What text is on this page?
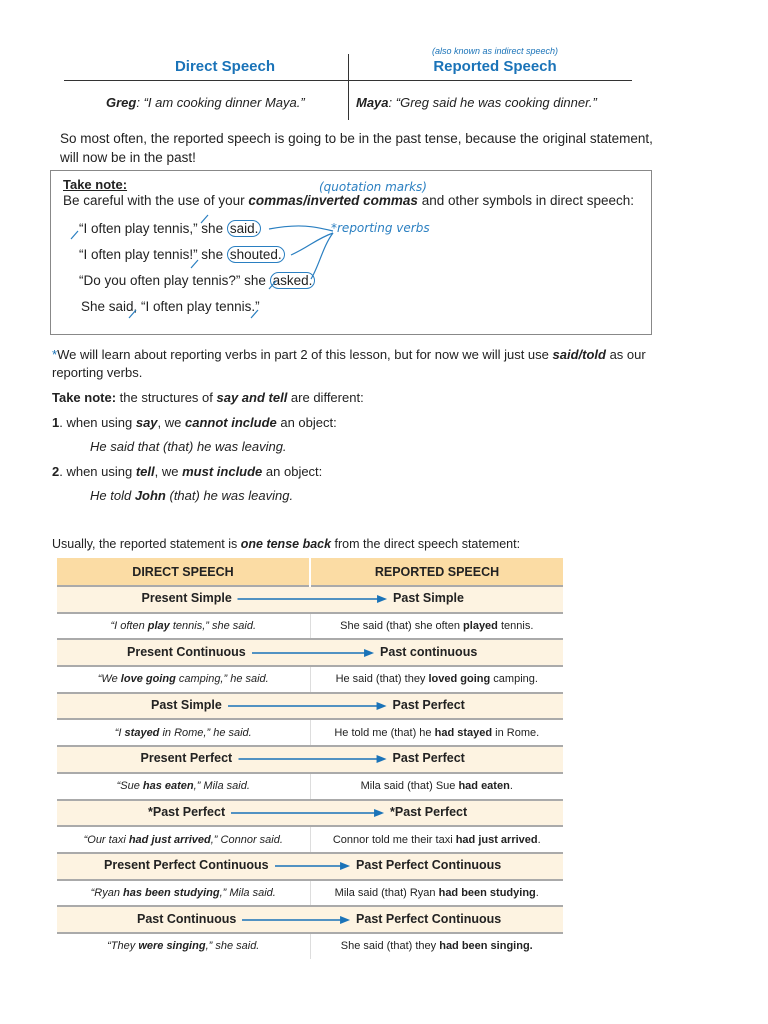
(also known as indirect speech)
Direct Speech	Reported Speech
Greg: “I am cooking dinner Maya.”	Maya: “Greg said he was cooking dinner.”
So most often, the reported speech is going to be in the past tense, because the original statement, will now be in the past!
Take note:	(quotation marks)
Be careful with the use of your commas/inverted commas and other symbols in direct speech:
“I often play tennis,” she said.
“I often play tennis!” she shouted.
“Do you often play tennis?” she asked.
She said, “I often play tennis.”
*reporting verbs
*We will learn about reporting verbs in part 2 of this lesson, but for now we will just use said/told as our reporting verbs.
Take note: the structures of say and tell are different:
1. when using say, we cannot include an object:
He said that (that) he was leaving.
2. when using tell, we must include an object:
He told John (that) he was leaving.
Usually, the reported statement is one tense back from the direct speech statement:
DIRECT SPEECH	REPORTED SPEECH

Present Simple Past Simple	

“I often play tennis,” she said.	She said (that) she often played tennis.

Present Continuous Past continuous	

“We love going camping,” he said.	He said (that) they loved going camping.

Past Simple Past Perfect	

“I stayed in Rome,” he said.	He told me (that) he had stayed in Rome.

Present Perfect Past Perfect	

“Sue has eaten,” Mila said.	Mila said (that) Sue had eaten.

*Past Perfect *Past Perfect	

“Our taxi had just arrived,” Connor said.	Connor told me their taxi had just arrived.

Present Perfect Continuous Past Perfect Continuous	

“Ryan has been studying,” Mila said.	Mila said (that) Ryan had been studying.

Past Continuous Past Perfect Continuous	

“They were singing,” she said.	She said (that) they had been singing.
